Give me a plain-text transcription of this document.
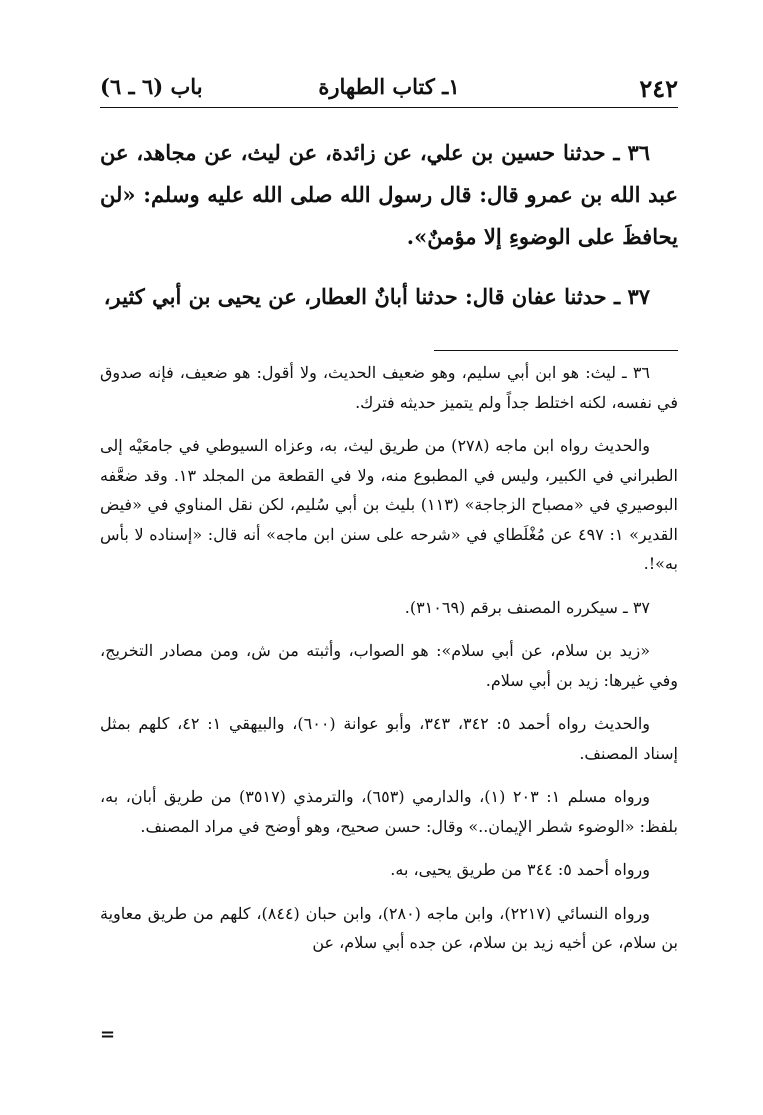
٢٤٢
١ـ كتاب الطهارة
باب (٦ ـ ٦)

٣٦ ـ حدثنا حسين بن علي، عن زائدة، عن ليث، عن مجاهد، عن عبد الله بن عمرو قال: قال رسول الله صلى الله عليه وسلم: «لن يحافظَ على الوضوءِ إلا مؤمنٌ».

٣٧ ـ حدثنا عفان قال: حدثنا أبانٌ العطار، عن يحيى بن أبي كثير،

٣٦ ـ ليث: هو ابن أبي سليم، وهو ضعيف الحديث، ولا أقول: هو ضعيف، فإنه صدوق في نفسه، لكنه اختلط جداً ولم يتميز حديثه فترك.

والحديث رواه ابن ماجه (٢٧٨) من طريق ليث، به، وعزاه السيوطي في جامعَيْه إلى الطبراني في الكبير، وليس في المطبوع منه، ولا في القطعة من المجلد ١٣. وقد ضعَّفه البوصيري في «مصباح الزجاجة» (١١٣) بليث بن أبي سُليم، لكن نقل المناوي في «فيض القدير» ١: ٤٩٧ عن مُغْلَطاي في «شرحه على سنن ابن ماجه» أنه قال: «إسناده لا بأس به»!.

٣٧ ـ سيكرره المصنف برقم (٣١٠٦٩).

«زيد بن سلام، عن أبي سلام»: هو الصواب، وأثبته من ش، ومن مصادر التخريج، وفي غيرها: زيد بن أبي سلام.

والحديث رواه أحمد ٥: ٣٤٢، ٣٤٣، وأبو عوانة (٦٠٠)، والبيهقي ١: ٤٢، كلهم بمثل إسناد المصنف.

ورواه مسلم ١: ٢٠٣ (١)، والدارمي (٦٥٣)، والترمذي (٣٥١٧) من طريق أبان، به، بلفظ: «الوضوء شطر الإيمان..» وقال: حسن صحيح، وهو أوضح في مراد المصنف.

ورواه أحمد ٥: ٣٤٤ من طريق يحيى، به.

ورواه النسائي (٢٢١٧)، وابن ماجه (٢٨٠)، وابن حبان (٨٤٤)، كلهم من طريق معاوية بن سلام، عن أخيه زيد بن سلام، عن جده أبي سلام، عن

=
